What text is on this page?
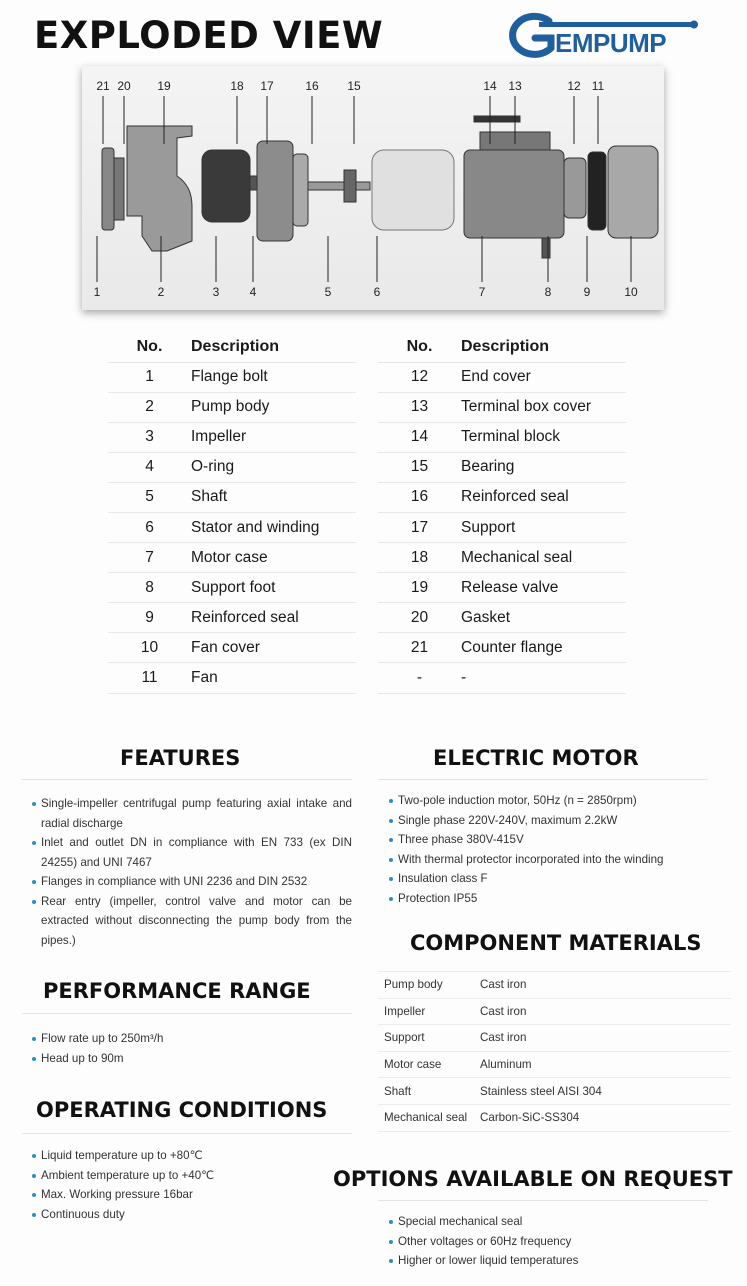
EXPLODED VIEW	EMPUMP
21 20 19	18 17	16 15	14 13	12 11
1	2	3	4	5	6	7	8	9	10
No.	Description
1	Flange bolt
2	Pump body
3	Impeller
4	O-ring
5	Shaft
6	Stator and winding
7	Motor case
8	Support foot
9	Reinforced seal
10	Fan cover
11	Fan
No.	Description
12	End cover
13	Terminal box cover
14	Terminal block
15	Bearing
16	Reinforced seal
17	Support
18	Mechanical seal
19	Release valve
20	Gasket
21	Counter flange
-	-
FEATURES
Single-impeller centrifugal pump featuring axial intake and radial discharge
Inlet and outlet DN in compliance with EN 733 (ex DIN 24255) and UNI 7467
Flanges in compliance with UNI 2236 and DIN 2532
Rear entry (impeller, control valve and motor can be extracted without disconnecting the pump body from the pipes.)
ELECTRIC MOTOR
Two-pole induction motor, 50Hz (n = 2850rpm)
Single phase 220V-240V, maximum 2.2kW
Three phase 380V-415V
With thermal protector incorporated into the winding
Insulation class F
Protection IP55
COMPONENT MATERIALS
Pump body	Cast iron
Impeller	Cast iron
Support	Cast iron
Motor case	Aluminum
Shaft	Stainless steel AISI 304
Mechanical seal	Carbon-SiC-SS304
PERFORMANCE RANGE
Flow rate up to 250m³/h
Head up to 90m
OPERATING CONDITIONS
Liquid temperature up to +80℃
Ambient temperature up to +40℃
Max. Working pressure 16bar
Continuous duty
OPTIONS AVAILABLE ON REQUEST
Special mechanical seal
Other voltages or 60Hz frequency
Higher or lower liquid temperatures
